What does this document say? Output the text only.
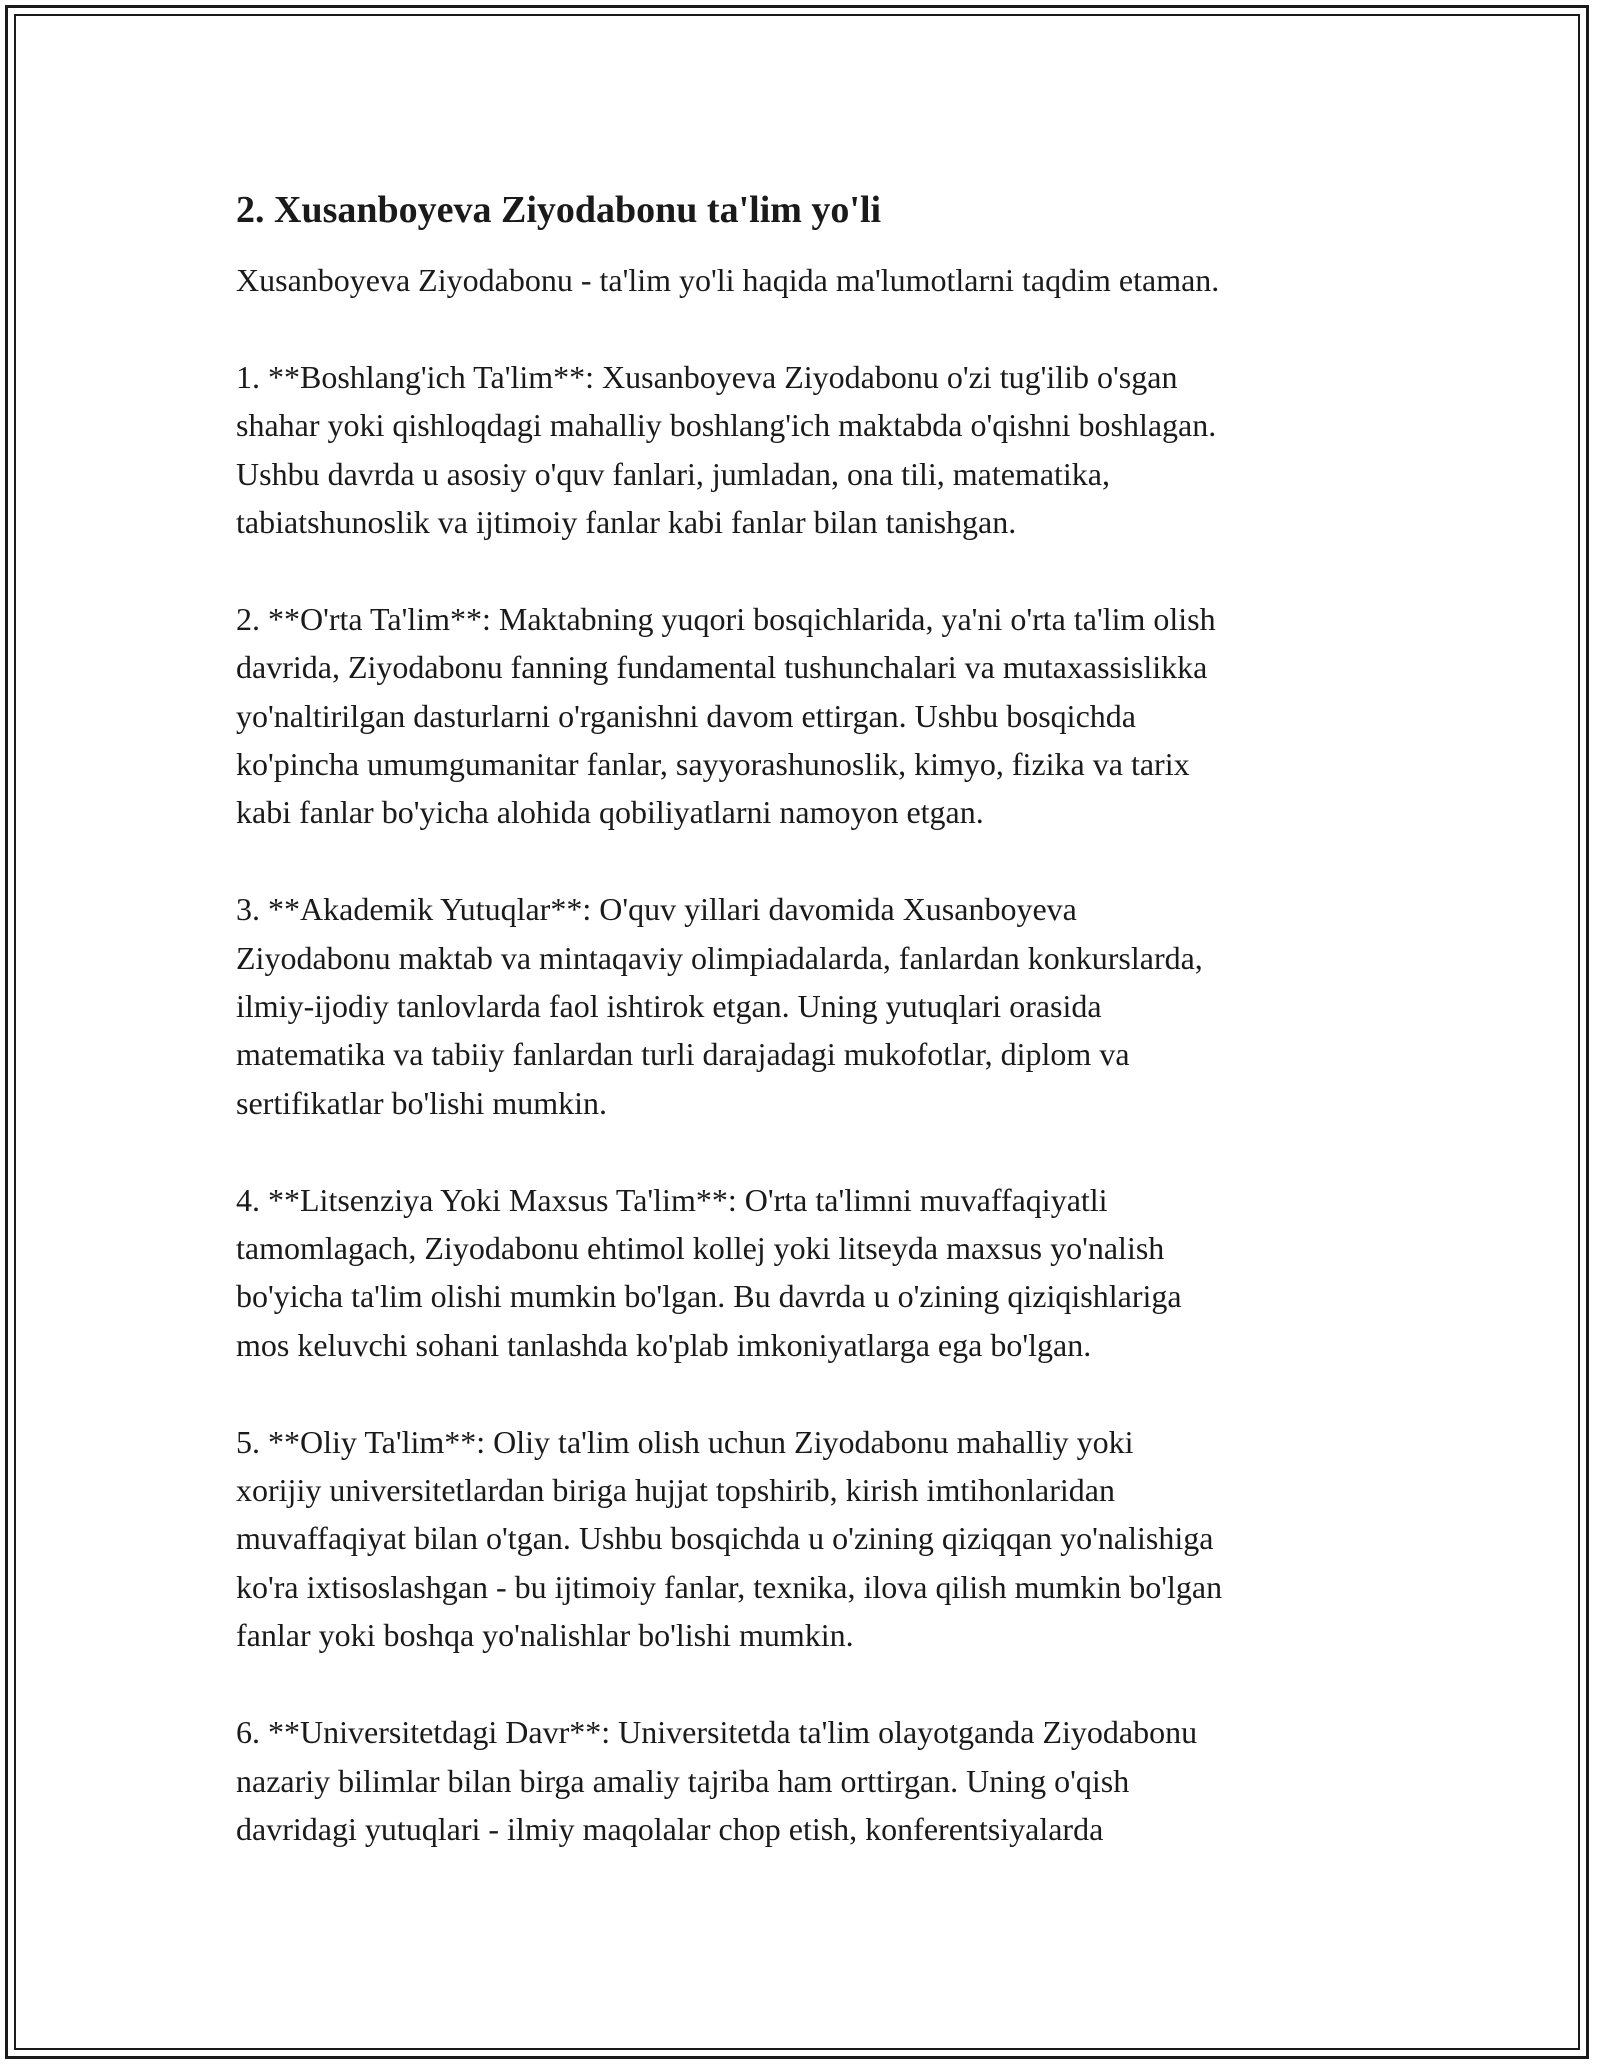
2. Xusanboyeva Ziyodabonu ta'lim yo'li

Xusanboyeva Ziyodabonu - ta'lim yo'li haqida ma'lumotlarni taqdim etaman.

1. **Boshlang'ich Ta'lim**: Xusanboyeva Ziyodabonu o'zi tug'ilib o'sgan
shahar yoki qishloqdagi mahalliy boshlang'ich maktabda o'qishni boshlagan.
Ushbu davrda u asosiy o'quv fanlari, jumladan, ona tili, matematika,
tabiatshunoslik va ijtimoiy fanlar kabi fanlar bilan tanishgan.

2. **O'rta Ta'lim**: Maktabning yuqori bosqichlarida, ya'ni o'rta ta'lim olish
davrida, Ziyodabonu fanning fundamental tushunchalari va mutaxassislikka
yo'naltirilgan dasturlarni o'rganishni davom ettirgan. Ushbu bosqichda
ko'pincha umumgumanitar fanlar, sayyorashunoslik, kimyo, fizika va tarix
kabi fanlar bo'yicha alohida qobiliyatlarni namoyon etgan.

3. **Akademik Yutuqlar**: O'quv yillari davomida Xusanboyeva
Ziyodabonu maktab va mintaqaviy olimpiadalarda, fanlardan konkurslarda,
ilmiy-ijodiy tanlovlarda faol ishtirok etgan. Uning yutuqlari orasida
matematika va tabiiy fanlardan turli darajadagi mukofotlar, diplom va
sertifikatlar bo'lishi mumkin.

4. **Litsenziya Yoki Maxsus Ta'lim**: O'rta ta'limni muvaffaqiyatli
tamomlagach, Ziyodabonu ehtimol kollej yoki litseyda maxsus yo'nalish
bo'yicha ta'lim olishi mumkin bo'lgan. Bu davrda u o'zining qiziqishlariga
mos keluvchi sohani tanlashda ko'plab imkoniyatlarga ega bo'lgan.

5. **Oliy Ta'lim**: Oliy ta'lim olish uchun Ziyodabonu mahalliy yoki
xorijiy universitetlardan biriga hujjat topshirib, kirish imtihonlaridan
muvaffaqiyat bilan o'tgan. Ushbu bosqichda u o'zining qiziqqan yo'nalishiga
ko'ra ixtisoslashgan - bu ijtimoiy fanlar, texnika, ilova qilish mumkin bo'lgan
fanlar yoki boshqa yo'nalishlar bo'lishi mumkin.

6. **Universitetdagi Davr**: Universitetda ta'lim olayotganda Ziyodabonu
nazariy bilimlar bilan birga amaliy tajriba ham orttirgan. Uning o'qish
davridagi yutuqlari - ilmiy maqolalar chop etish, konferentsiyalarda
